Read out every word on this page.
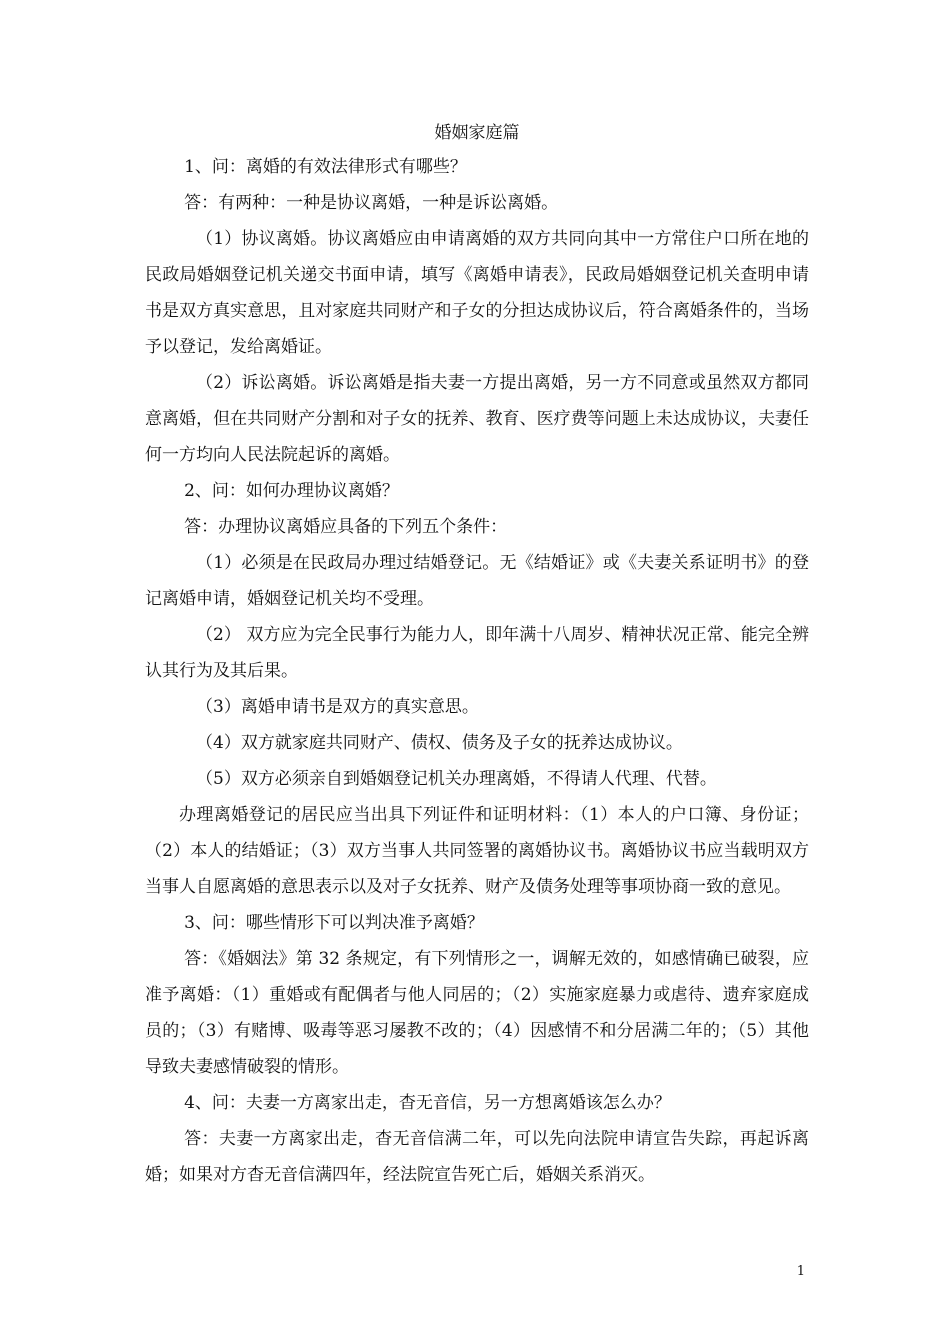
婚姻家庭篇

1、问：离婚的有效法律形式有哪些？

答：有两种：一种是协议离婚，一种是诉讼离婚。

（1）协议离婚。协议离婚应由申请离婚的双方共同向其中一方常住户口所在地的民政局婚姻登记机关递交书面申请，填写《离婚申请表》，民政局婚姻登记机关查明申请书是双方真实意思，且对家庭共同财产和子女的分担达成协议后，符合离婚条件的，当场予以登记，发给离婚证。

（2）诉讼离婚。诉讼离婚是指夫妻一方提出离婚，另一方不同意或虽然双方都同意离婚，但在共同财产分割和对子女的抚养、教育、医疗费等问题上未达成协议，夫妻任何一方均向人民法院起诉的离婚。

2、问：如何办理协议离婚？

答：办理协议离婚应具备的下列五个条件：

（1）必须是在民政局办理过结婚登记。无《结婚证》或《夫妻关系证明书》的登记离婚申请，婚姻登记机关均不受理。

（2） 双方应为完全民事行为能力人，即年满十八周岁、精神状况正常、能完全辨认其行为及其后果。

（3）离婚申请书是双方的真实意思。

（4）双方就家庭共同财产、债权、债务及子女的抚养达成协议。

（5）双方必须亲自到婚姻登记机关办理离婚，不得请人代理、代替。

办理离婚登记的居民应当出具下列证件和证明材料：（1）本人的户口簿、身份证；（2）本人的结婚证；（3）双方当事人共同签署的离婚协议书。离婚协议书应当载明双方当事人自愿离婚的意思表示以及对子女抚养、财产及债务处理等事项协商一致的意见。

3、问：哪些情形下可以判决准予离婚？

答：《婚姻法》第 32 条规定，有下列情形之一，调解无效的，如感情确已破裂，应准予离婚：（1）重婚或有配偶者与他人同居的；（2）实施家庭暴力或虐待、遗弃家庭成员的；（3）有赌博、吸毒等恶习屡教不改的；（4）因感情不和分居满二年的；（5）其他导致夫妻感情破裂的情形。

4、问：夫妻一方离家出走，杳无音信，另一方想离婚该怎么办？

答：夫妻一方离家出走，杳无音信满二年，可以先向法院申请宣告失踪，再起诉离婚；如果对方杳无音信满四年，经法院宣告死亡后，婚姻关系消灭。

1
